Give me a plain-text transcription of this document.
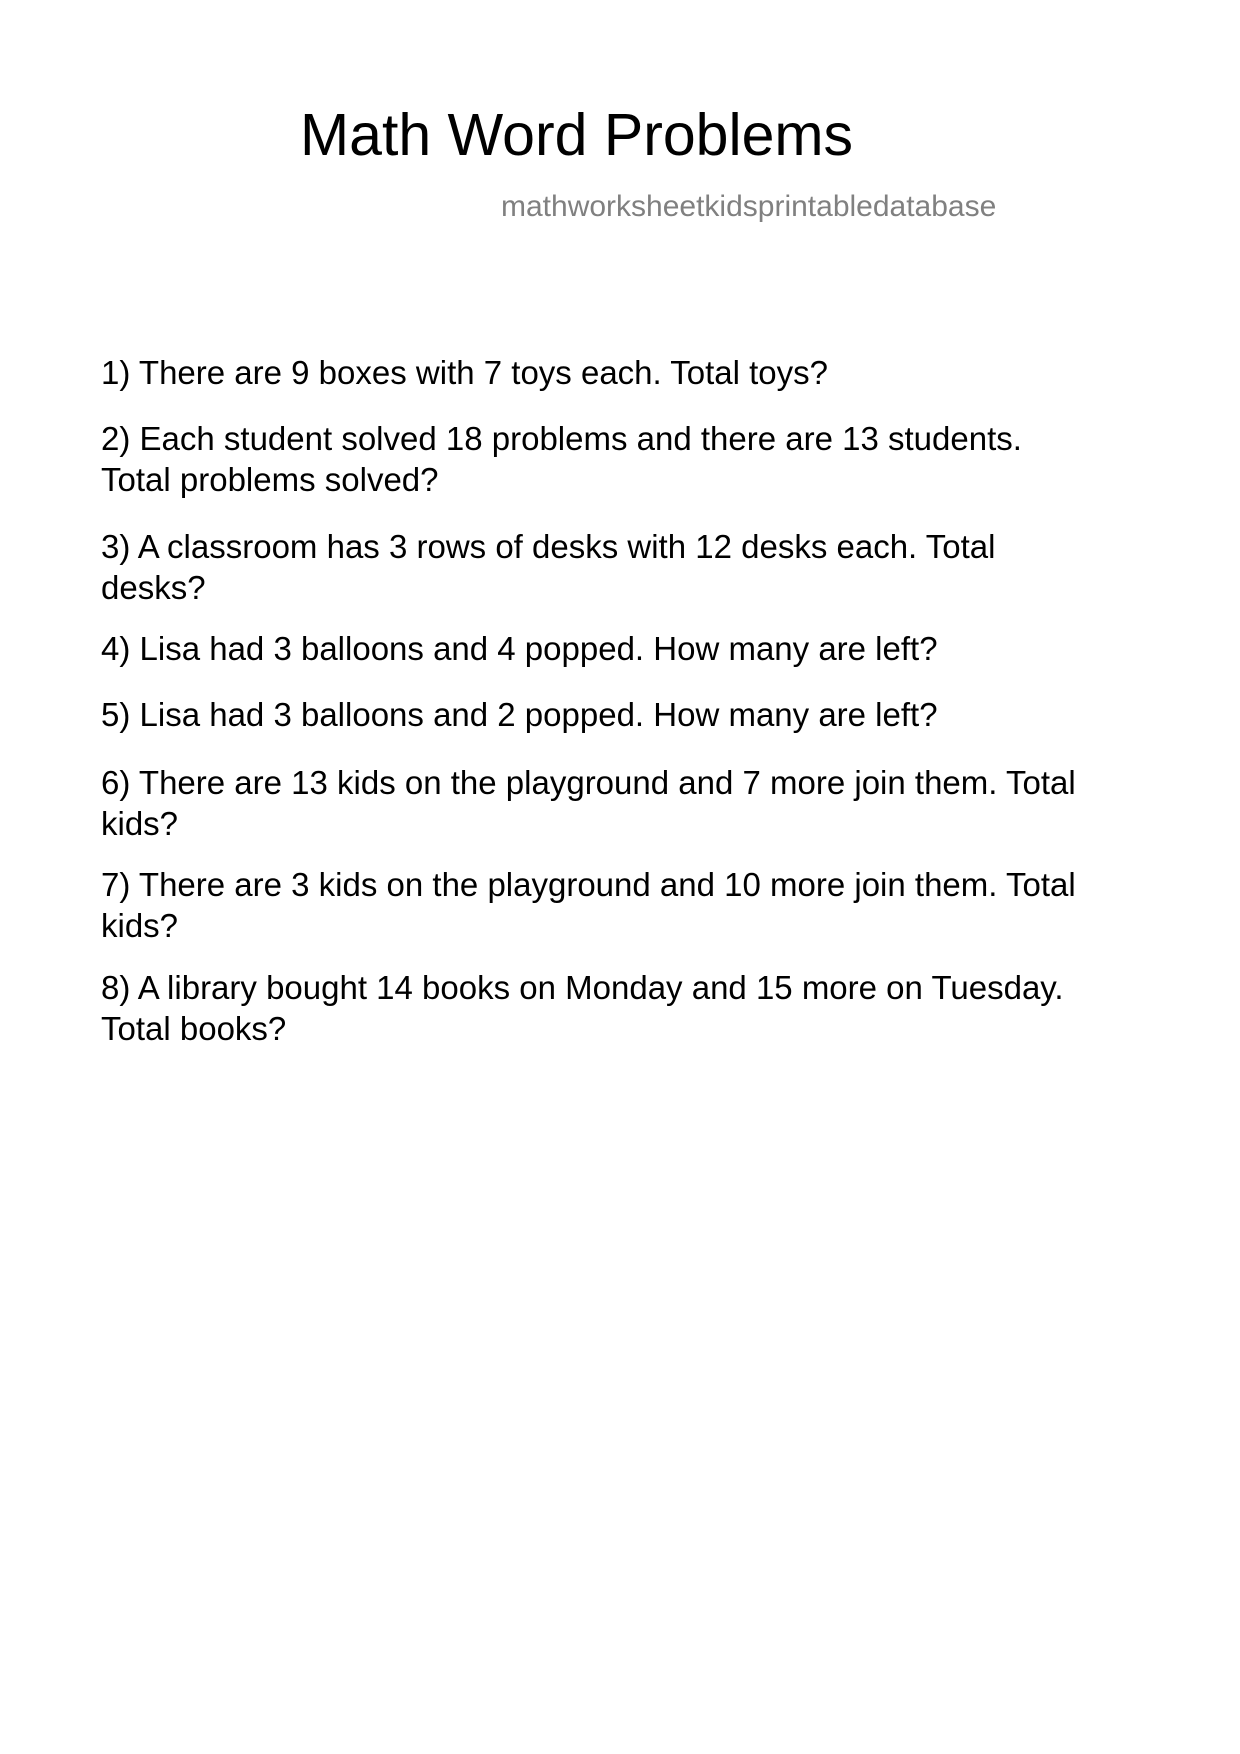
Math Word Problems
mathworksheetkidsprintabledatabase
1) There are 9 boxes with 7 toys each. Total toys?
2) Each student solved 18 problems and there are 13 students.
Total problems solved?
3) A classroom has 3 rows of desks with 12 desks each. Total
desks?
4) Lisa had 3 balloons and 4 popped. How many are left?
5) Lisa had 3 balloons and 2 popped. How many are left?
6) There are 13 kids on the playground and 7 more join them. Total
kids?
7) There are 3 kids on the playground and 10 more join them. Total
kids?
8) A library bought 14 books on Monday and 15 more on Tuesday.
Total books?
